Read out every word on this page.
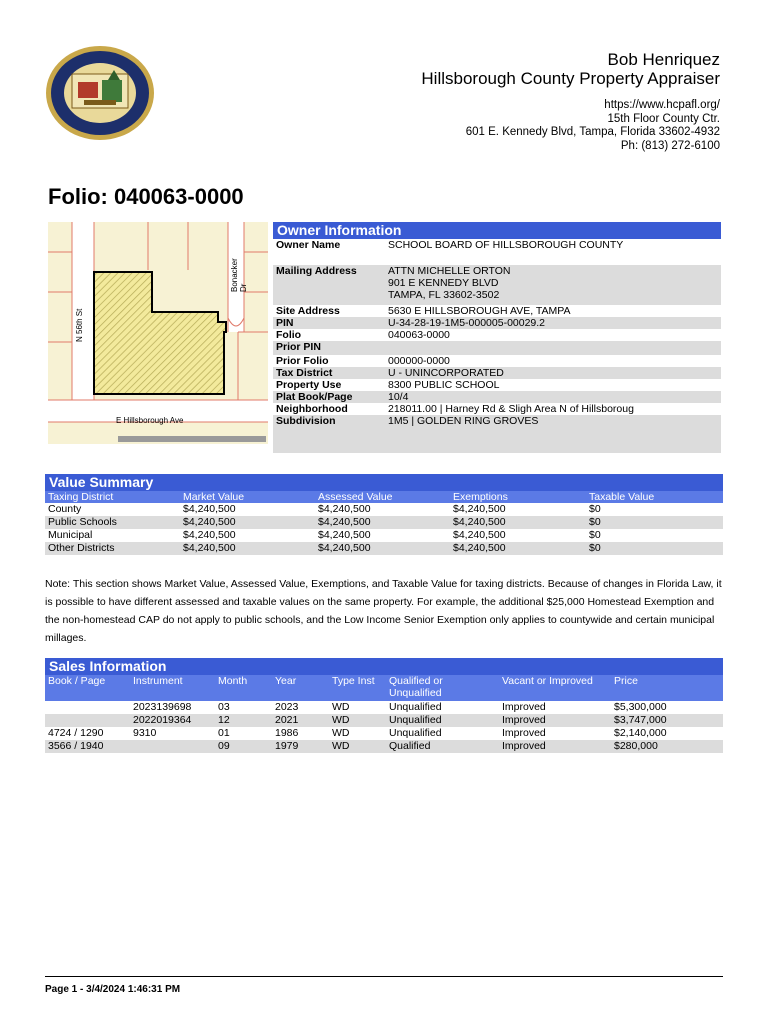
Bob Henriquez
Hillsborough County Property Appraiser
https://www.hcpafl.org/
15th Floor County Ctr.
601 E. Kennedy Blvd, Tampa, Florida 33602-4932
Ph: (813) 272-6100
Folio: 040063-0000
N 56th St
Bonacker Dr
E Hillsborough Ave
Owner Information
Owner Name	SCHOOL BOARD OF HILLSBOROUGH COUNTY
Mailing Address	ATTN MICHELLE ORTON
901 E KENNEDY BLVD
TAMPA, FL 33602-3502

Site Address	5630 E HILLSBOROUGH AVE, TAMPA
PIN	U-34-28-19-1M5-000005-00029.2
Folio	040063-0000
Prior PIN	
Prior Folio	000000-0000
Tax District	U - UNINCORPORATED
Property Use	8300 PUBLIC SCHOOL
Plat Book/Page	10/4
Neighborhood	218011.00 | Harney Rd & Sligh Area N of Hillsboroug
Subdivision	1M5 | GOLDEN RING GROVES
Value Summary
Taxing District	Market Value	Assessed Value	Exemptions	Taxable Value
County	$4,240,500	$4,240,500	$4,240,500	$0
Public Schools	$4,240,500	$4,240,500	$4,240,500	$0
Municipal	$4,240,500	$4,240,500	$4,240,500	$0
Other Districts	$4,240,500	$4,240,500	$4,240,500	$0
Note: This section shows Market Value, Assessed Value, Exemptions, and Taxable Value for taxing districts. Because of changes in Florida Law, it is possible to have different assessed and taxable values on the same property. For example, the additional $25,000 Homestead Exemption and the non-homestead CAP do not apply to public schools, and the Low Income Senior Exemption only applies to countywide and certain municipal millages.
Sales Information
Book / Page	Instrument	Month	Year	Type Inst	Qualified or Unqualified	Vacant or Improved	Price
	2023139698	03	2023	WD	Unqualified	Improved	$5,300,000
	2022019364	12	2021	WD	Unqualified	Improved	$3,747,000
4724 / 1290	9310	01	1986	WD	Unqualified	Improved	$2,140,000
3566 / 1940		09	1979	WD	Qualified	Improved	$280,000
Page 1 - 3/4/2024 1:46:31 PM
